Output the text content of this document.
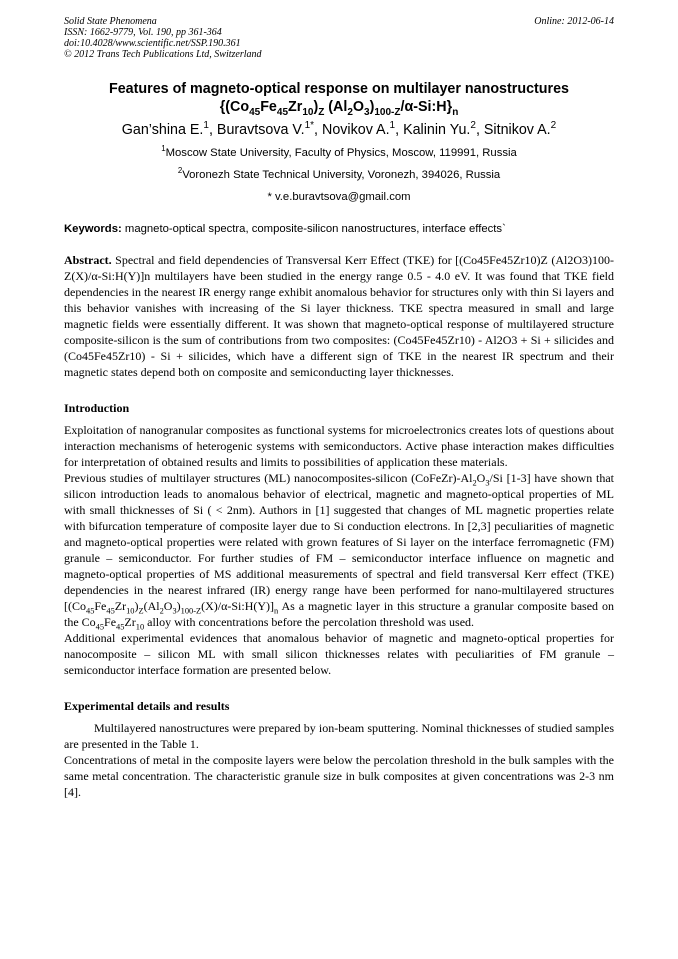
Solid State Phenomena
ISSN: 1662-9779, Vol. 190, pp 361-364
doi:10.4028/www.scientific.net/SSP.190.361
© 2012 Trans Tech Publications Ltd, Switzerland
Online: 2012-06-14
Features of magneto-optical response on multilayer nanostructures
{$(Co_{45}Fe_{45}Zr_{10})_Z$ $(Al_2O_3)_{100-Z}/\alpha-Si:H\}_n$
Gan’shina E.$^1$, Buravtsova V.$^{1*}$, Novikov A.$^1$, Kalinin Yu.$^2$, Sitnikov A.$^2$
$^1$Moscow State University, Faculty of Physics, Moscow, 119991, Russia
$^2$Voronezh State Technical University, Voronezh, 394026, Russia
* v.e.buravtsova@gmail.com
Keywords: magneto-optical spectra, composite-silicon nanostructures, interface effects`

Abstract. Spectral and field dependencies of Transversal Kerr Effect (TKE) for [(Co45Fe45Zr10)Z (Al2O3)100-Z(X)/α-Si:H(Y)]n multilayers have been studied in the energy range 0.5 - 4.0 eV. It was found that TKE field dependencies in the nearest IR energy range exhibit anomalous behavior for structures only with thin Si layers and this behavior vanishes with increasing of the Si layer thickness. TKE spectra measured in small and large magnetic fields were essentially different. It was shown that magneto-optical response of multilayered structure composite-silicon is the sum of contributions from two composites: (Co45Fe45Zr10) - Al2O3 + Si + silicides and (Co45Fe45Zr10) - Si + silicides, which have a different sign of TKE in the nearest IR spectrum and their magnetic states depend both on composite and semiconducting layer thicknesses.

Introduction

Exploitation of nanogranular composites as functional systems for microelectronics creates lots of questions about interaction mechanisms of heterogenic systems with semiconductors. Active phase interaction makes difficulties for interpretation of obtained results and limits to possibilities of application these materials.

Previous studies of multilayer structures (ML) nanocomposites-silicon $(CoFeZr)-Al_2O_3/Si$ [1-3] have shown that silicon introduction leads to anomalous behavior of electrical, magnetic and magneto-optical properties of ML with small thicknesses of Si ( < 2nm). Authors in [1] suggested that changes of ML magnetic properties relate with bifurcation temperature of composite layer due to Si conduction electrons. In [2,3] peculiarities of magnetic and magneto-optical properties were related with grown features of Si layer on the interface ferromagnetic (FM) granule – semiconductor. For further studies of FM – semiconductor interface influence on magnetic and magneto-optical properties of MS additional measurements of spectral and field transversal Kerr effect (TKE) dependencies in the nearest infrared (IR) energy range have been performed for nano-multilayered structures $[(Co_{45}Fe_{45}Zr_{10})_Z(Al_2O_3)_{100-Z}(X)/\alpha-Si:H(Y)]_n$ As a magnetic layer in this structure a granular composite based on the $Co_{45}Fe_{45}Zr_{10}$ alloy with concentrations before the percolation threshold was used.

Additional experimental evidences that anomalous behavior of magnetic and magneto-optical properties for nanocomposite – silicon ML with small silicon thicknesses relates with peculiarities of FM granule – semiconductor interface formation are presented below.

Experimental details and results

Multilayered nanostructures were prepared by ion-beam sputtering. Nominal thicknesses of studied samples are presented in the Table 1.

Concentrations of metal in the composite layers were below the percolation threshold in the bulk samples with the same metal concentration. The characteristic granule size in bulk composites at given concentrations was 2-3 nm [4].
